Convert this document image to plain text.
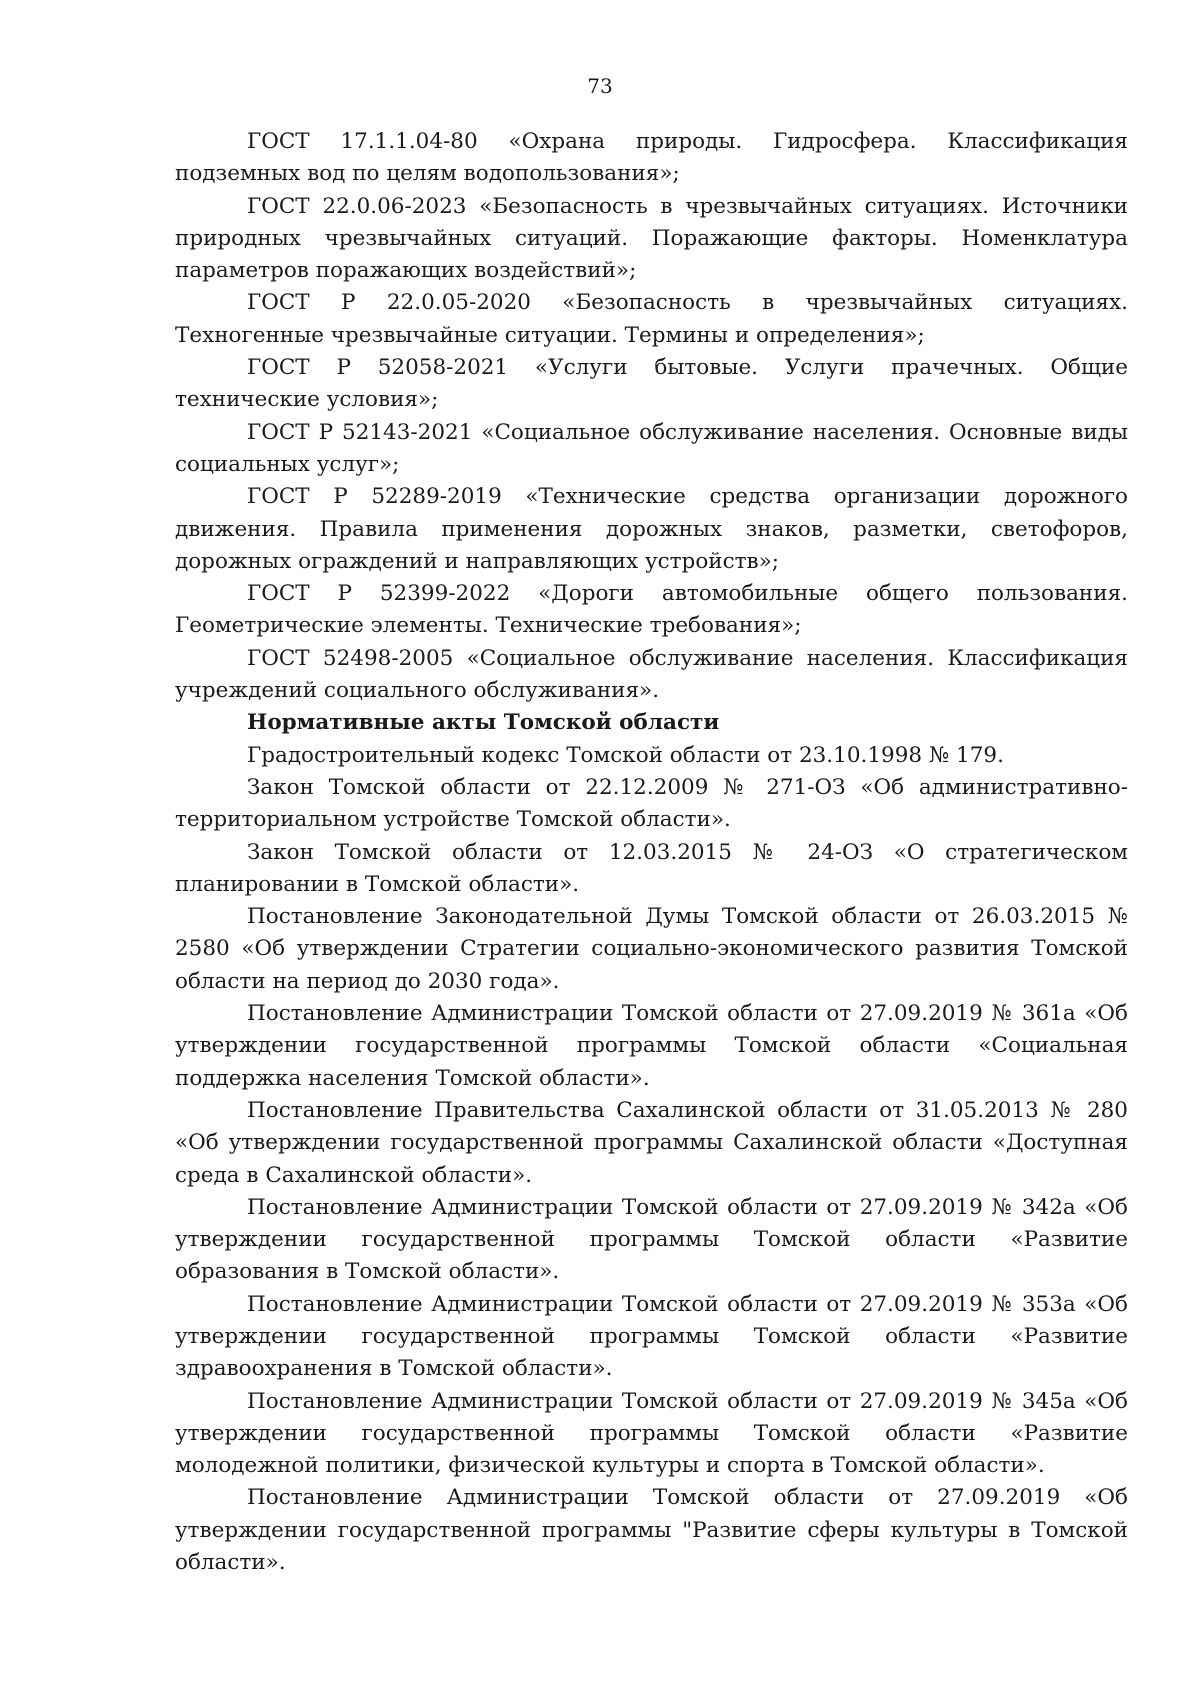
73

ГОСТ 17.1.1.04-80 «Охрана природы. Гидросфера. Классификация подземных вод по целям водопользования»;

ГОСТ 22.0.06-2023 «Безопасность в чрезвычайных ситуациях. Источники природных чрезвычайных ситуаций. Поражающие факторы. Номенклатура параметров поражающих воздействий»;

ГОСТ Р 22.0.05-2020 «Безопасность в чрезвычайных ситуациях. Техногенные чрезвычайные ситуации. Термины и определения»;

ГОСТ Р 52058-2021 «Услуги бытовые. Услуги прачечных. Общие технические условия»;

ГОСТ Р 52143-2021 «Социальное обслуживание населения. Основные виды социальных услуг»;

ГОСТ Р 52289-2019 «Технические средства организации дорожного движения. Правила применения дорожных знаков, разметки, светофоров, дорожных ограждений и направляющих устройств»;

ГОСТ Р 52399-2022 «Дороги автомобильные общего пользования. Геометрические элементы. Технические требования»;

ГОСТ 52498-2005 «Социальное обслуживание населения. Классификация учреждений социального обслуживания».

Нормативные акты Томской области

Градостроительный кодекс Томской области от 23.10.1998 № 179.

Закон Томской области от 22.12.2009 № 271-ОЗ «Об административно-территориальном устройстве Томской области».

Закон Томской области от 12.03.2015 № 24-ОЗ «О стратегическом планировании в Томской области».

Постановление Законодательной Думы Томской области от 26.03.2015 № 2580 «Об утверждении Стратегии социально-экономического развития Томской области на период до 2030 года».

Постановление Администрации Томской области от 27.09.2019 № 361а «Об утверждении государственной программы Томской области «Социальная поддержка населения Томской области».

Постановление Правительства Сахалинской области от 31.05.2013 № 280 «Об утверждении государственной программы Сахалинской области «Доступная среда в Сахалинской области».

Постановление Администрации Томской области от 27.09.2019 № 342а «Об утверждении государственной программы Томской области «Развитие образования в Томской области».

Постановление Администрации Томской области от 27.09.2019 № 353а «Об утверждении государственной программы Томской области «Развитие здравоохранения в Томской области».

Постановление Администрации Томской области от 27.09.2019 № 345а «Об утверждении государственной программы Томской области «Развитие молодежной политики, физической культуры и спорта в Томской области».

Постановление Администрации Томской области от 27.09.2019 «Об утверждении государственной программы "Развитие сферы культуры в Томской области».
